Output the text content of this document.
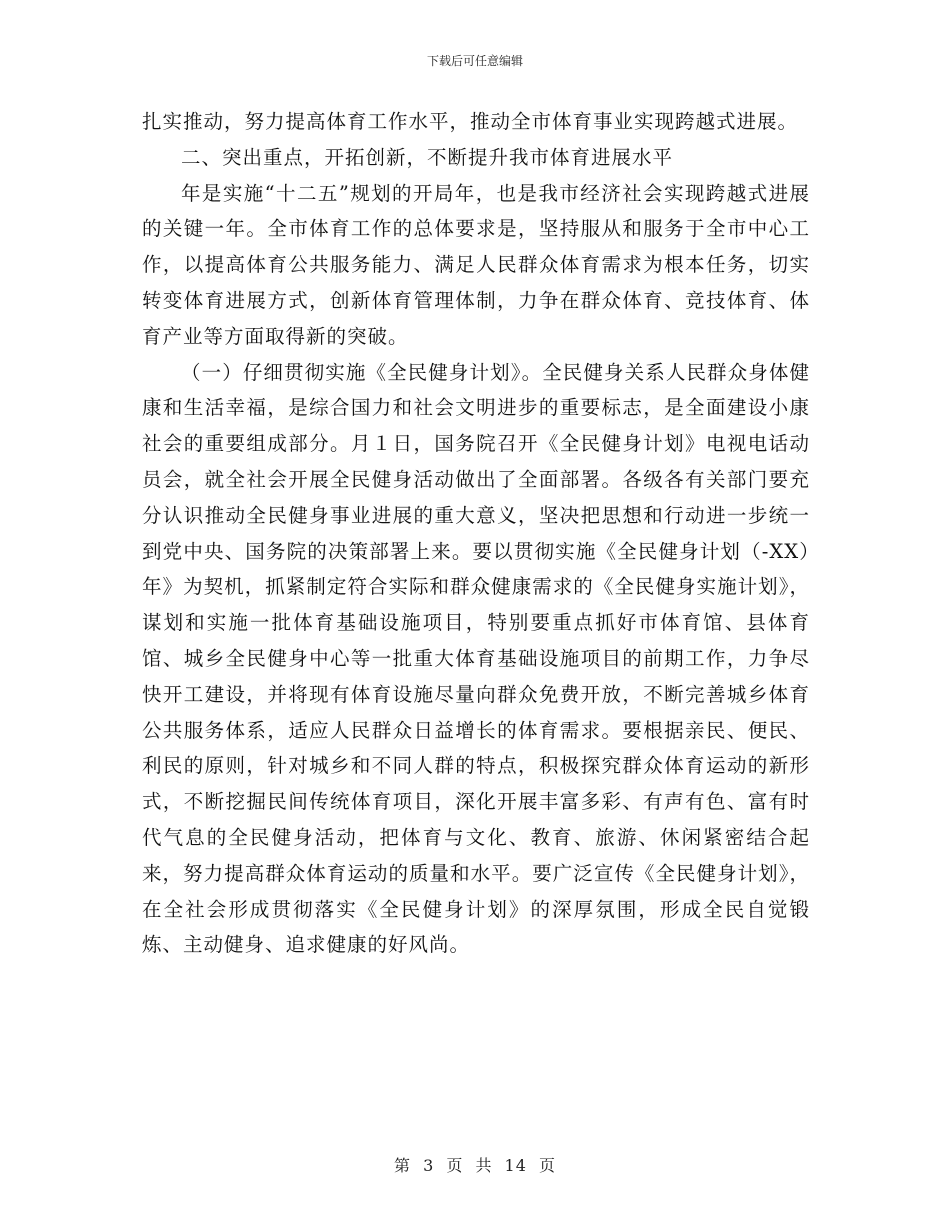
下载后可任意编辑

扎实推动，努力提高体育工作水平，推动全市体育事业实现跨越式进展。

二、突出重点，开拓创新，不断提升我市体育进展水平

年是实施“十二五”规划的开局年，也是我市经济社会实现跨越式进展的关键一年。全市体育工作的总体要求是，坚持服从和服务于全市中心工作，以提高体育公共服务能力、满足人民群众体育需求为根本任务，切实转变体育进展方式，创新体育管理体制，力争在群众体育、竞技体育、体育产业等方面取得新的突破。

（一）仔细贯彻实施《全民健身计划》。全民健身关系人民群众身体健康和生活幸福，是综合国力和社会文明进步的重要标志，是全面建设小康社会的重要组成部分。月１日，国务院召开《全民健身计划》电视电话动员会，就全社会开展全民健身活动做出了全面部署。各级各有关部门要充分认识推动全民健身事业进展的重大意义，坚决把思想和行动进一步统一到党中央、国务院的决策部署上来。要以贯彻实施《全民健身计划（-XX）年》为契机，抓紧制定符合实际和群众健康需求的《全民健身实施计划》，谋划和实施一批体育基础设施项目，特别要重点抓好市体育馆、县体育馆、城乡全民健身中心等一批重大体育基础设施项目的前期工作，力争尽快开工建设，并将现有体育设施尽量向群众免费开放，不断完善城乡体育公共服务体系，适应人民群众日益增长的体育需求。要根据亲民、便民、利民的原则，针对城乡和不同人群的特点，积极探究群众体育运动的新形式，不断挖掘民间传统体育项目，深化开展丰富多彩、有声有色、富有时代气息的全民健身活动，把体育与文化、教育、旅游、休闲紧密结合起来，努力提高群众体育运动的质量和水平。要广泛宣传《全民健身计划》，在全社会形成贯彻落实《全民健身计划》的深厚氛围，形成全民自觉锻炼、主动健身、追求健康的好风尚。

第 3 页 共 14 页
